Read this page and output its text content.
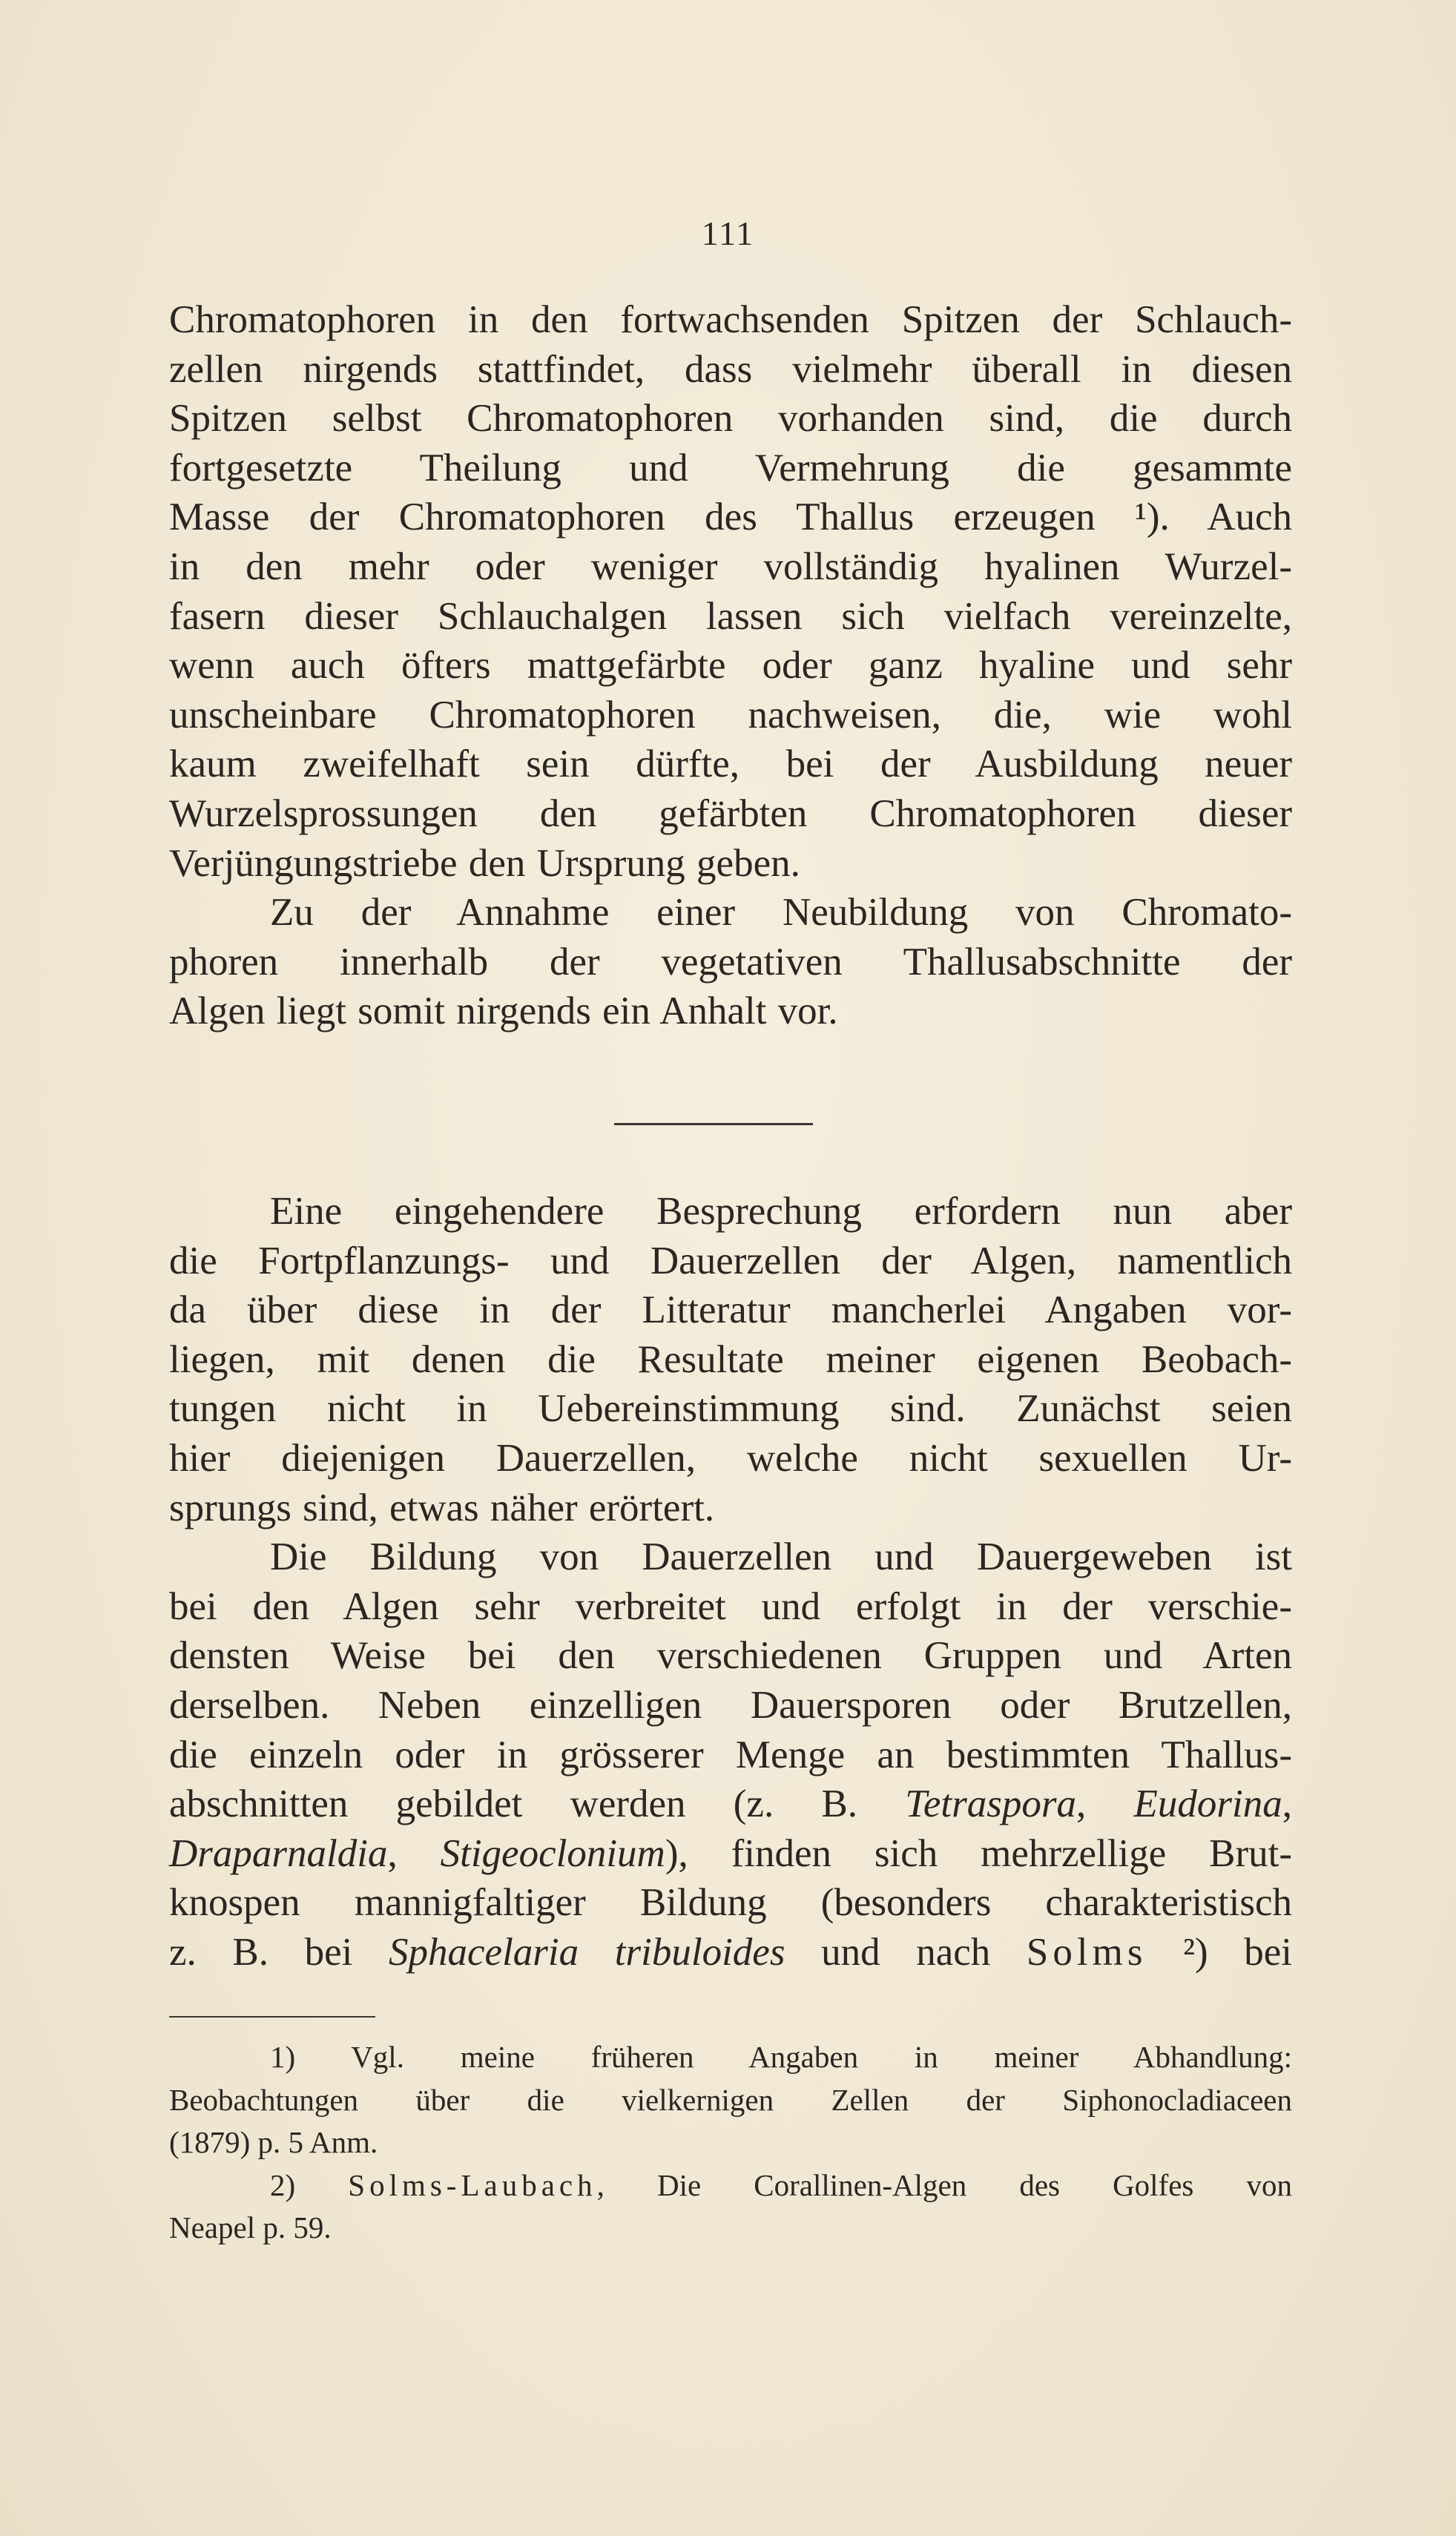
111
Chromatophoren in den fortwachsenden Spitzen der Schlauch-
zellen nirgends stattfindet, dass vielmehr überall in diesen
Spitzen selbst Chromatophoren vorhanden sind, die durch
fortgesetzte Theilung und Vermehrung die gesammte
Masse der Chromatophoren des Thallus erzeugen ¹). Auch
in den mehr oder weniger vollständig hyalinen Wurzel-
fasern dieser Schlauchalgen lassen sich vielfach vereinzelte,
wenn auch öfters mattgefärbte oder ganz hyaline und sehr
unscheinbare Chromatophoren nachweisen, die, wie wohl
kaum zweifelhaft sein dürfte, bei der Ausbildung neuer
Wurzelsprossungen den gefärbten Chromatophoren dieser
Verjüngungstriebe den Ursprung geben.
Zu der Annahme einer Neubildung von Chromato-
phoren innerhalb der vegetativen Thallusabschnitte der
Algen liegt somit nirgends ein Anhalt vor.
Eine eingehendere Besprechung erfordern nun aber
die Fortpflanzungs- und Dauerzellen der Algen, namentlich
da über diese in der Litteratur mancherlei Angaben vor-
liegen, mit denen die Resultate meiner eigenen Beobach-
tungen nicht in Uebereinstimmung sind. Zunächst seien
hier diejenigen Dauerzellen, welche nicht sexuellen Ur-
sprungs sind, etwas näher erörtert.
Die Bildung von Dauerzellen und Dauergeweben ist
bei den Algen sehr verbreitet und erfolgt in der verschie-
densten Weise bei den verschiedenen Gruppen und Arten
derselben. Neben einzelligen Dauersporen oder Brutzellen,
die einzeln oder in grösserer Menge an bestimmten Thallus-
abschnitten gebildet werden (z. B. Tetraspora, Eudorina,
Draparnaldia, Stigeoclonium), finden sich mehrzellige Brut-
knospen mannigfaltiger Bildung (besonders charakteristisch
z. B. bei Sphacelaria tribuloides und nach Solms ²) bei
1) Vgl. meine früheren Angaben in meiner Abhandlung:
Beobachtungen über die vielkernigen Zellen der Siphonocladiaceen
(1879) p. 5 Anm.
2) Solms-Laubach, Die Corallinen-Algen des Golfes von
Neapel p. 59.
